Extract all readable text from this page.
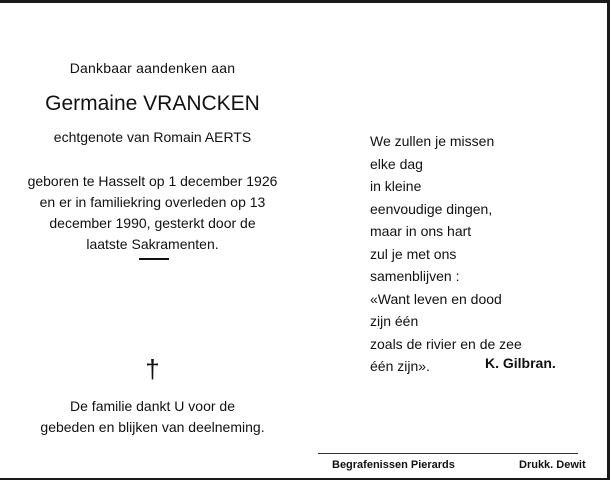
Dankbaar aandenken aan
Germaine VRANCKEN
echtgenote van Romain AERTS
geboren te Hasselt op 1 december 1926
en er in familiekring overleden op 13
december 1990, gesterkt door de
laatste Sakramenten.
†
De familie dankt U voor de
gebeden en blijken van deelneming.
We zullen je missen
elke dag
in kleine
eenvoudige dingen,
maar in ons hart
zul je met ons
samenblijven :
«Want leven en dood
zijn één
zoals de rivier en de zee
één zijn».	K. Gilbran.
Begrafenissen Pierards	Drukk. Dewit
